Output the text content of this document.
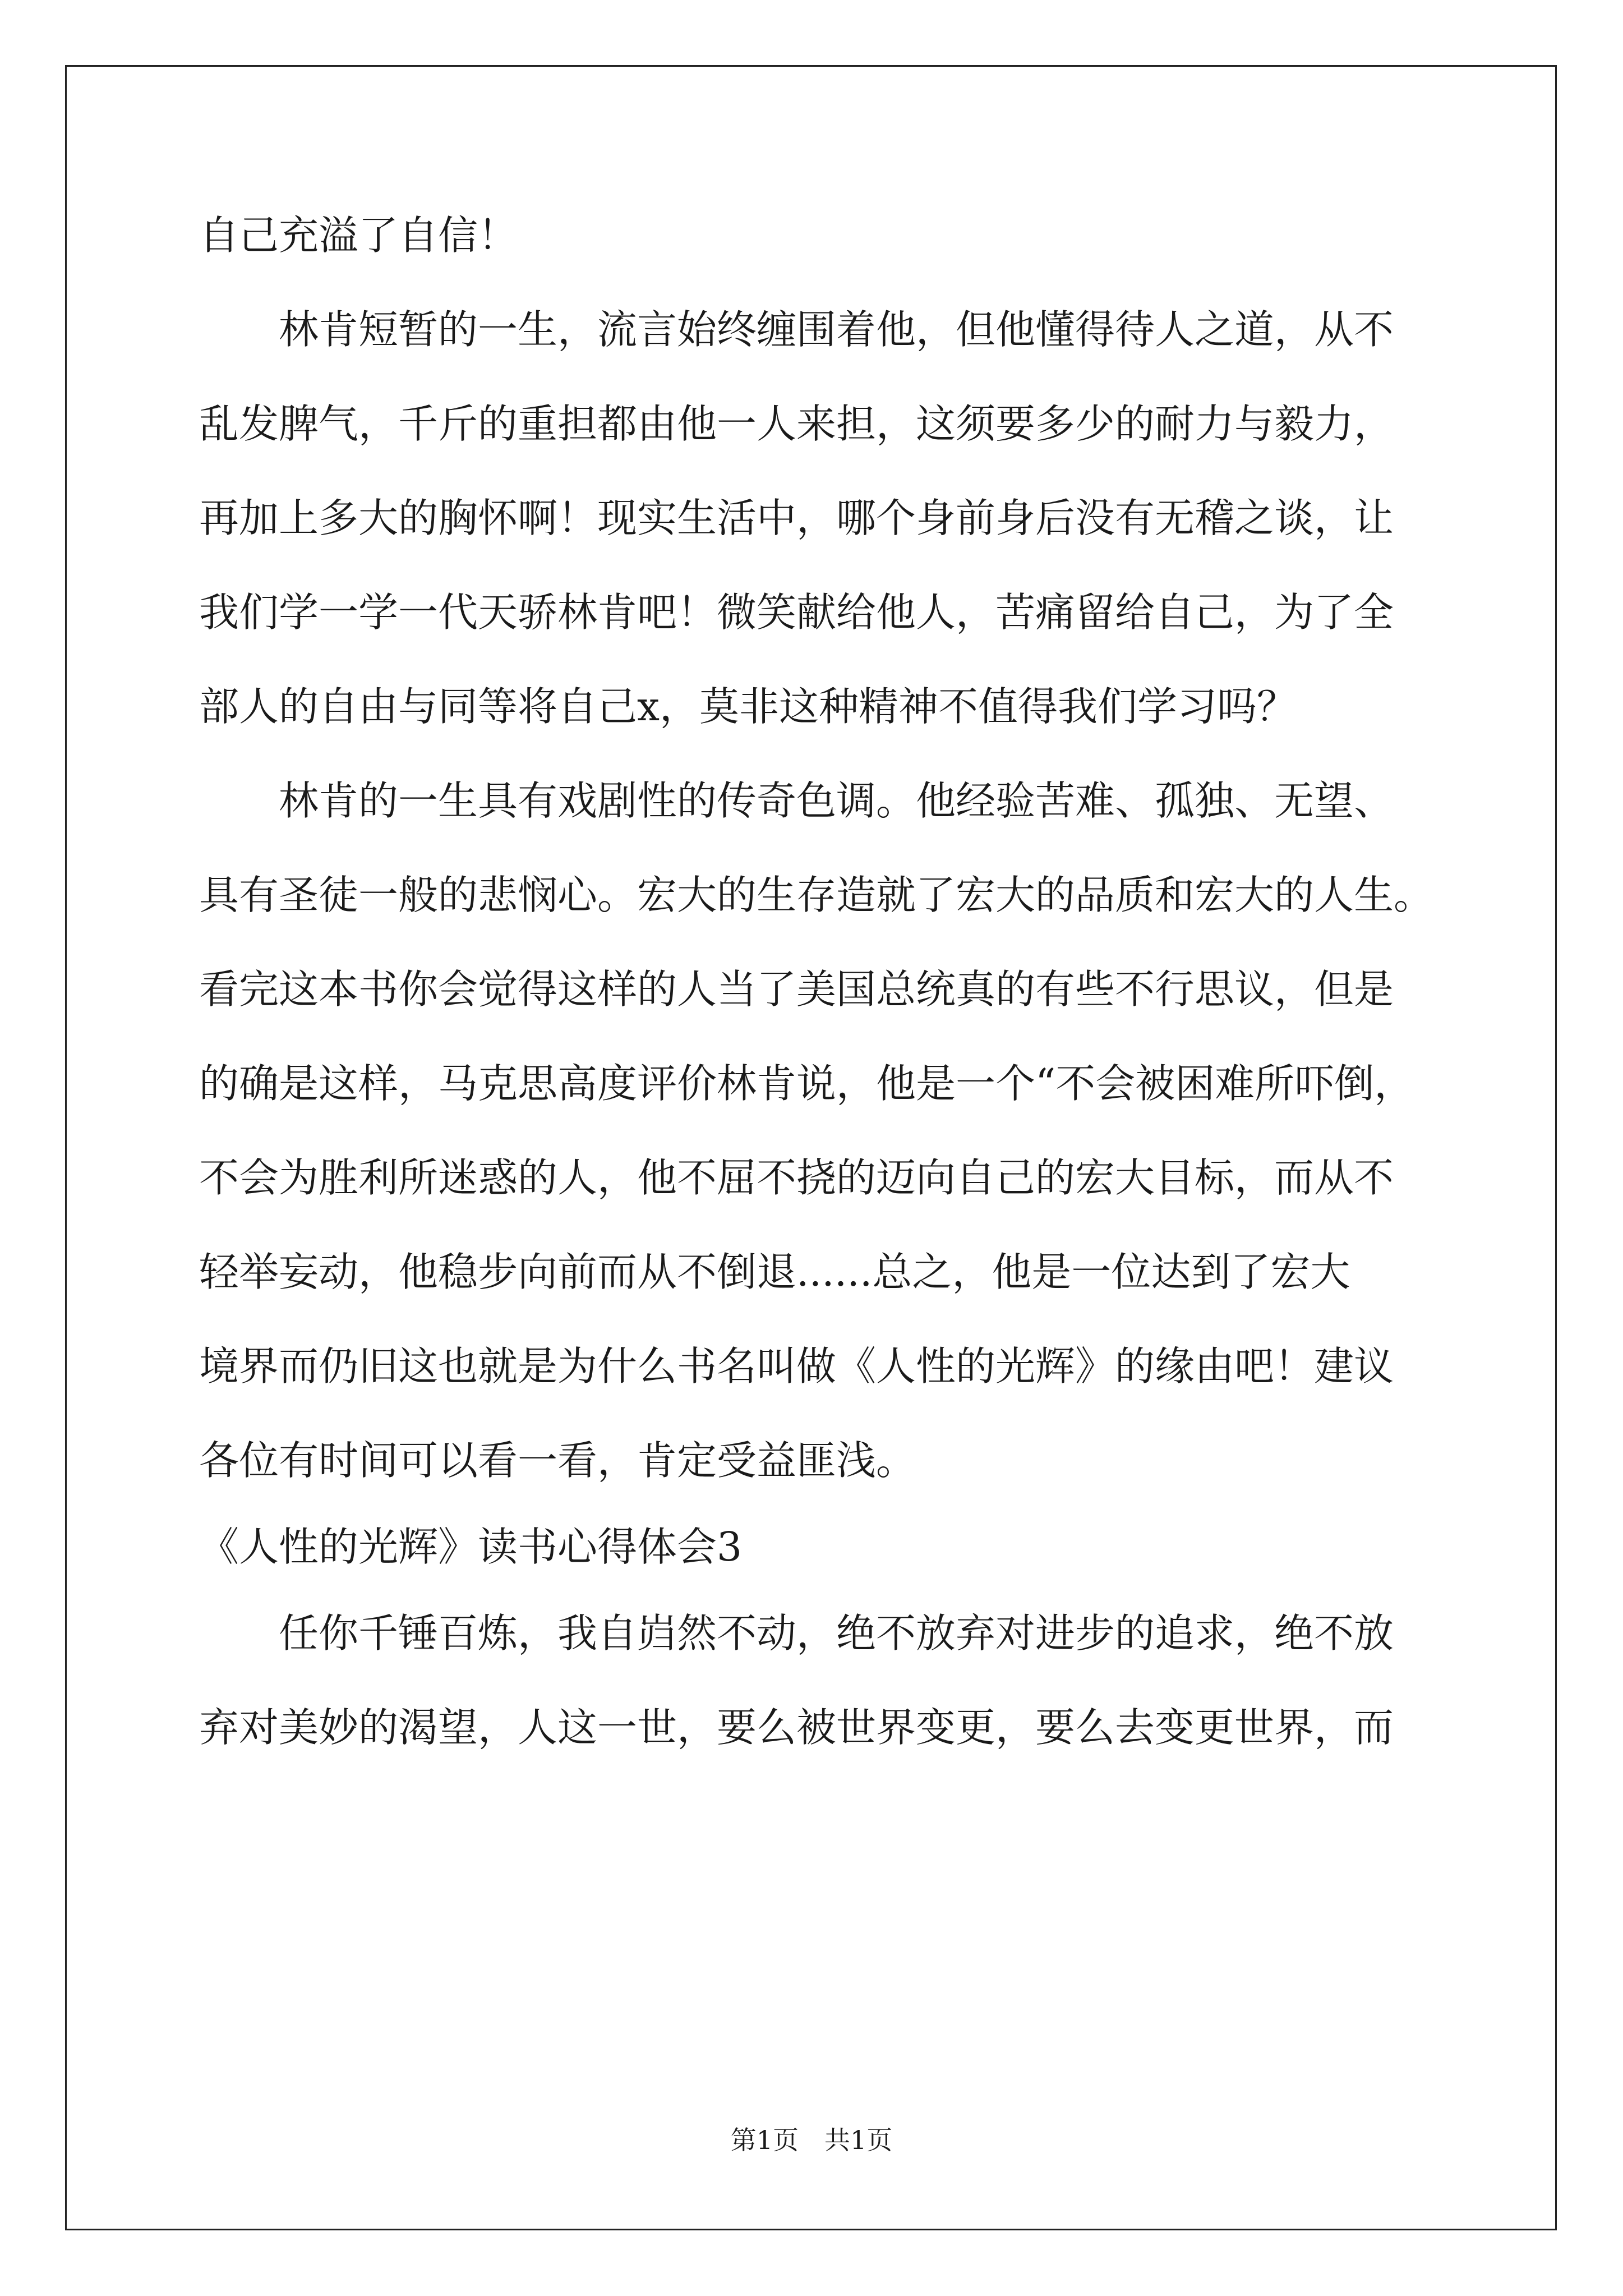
自己充溢了自信！
　　林肯短暂的一生，流言始终缠围着他，但他懂得待人之道，从不
乱发脾气，千斤的重担都由他一人来担，这须要多少的耐力与毅力，
再加上多大的胸怀啊！现实生活中，哪个身前身后没有无稽之谈，让
我们学一学一代天骄林肯吧！微笑献给他人，苦痛留给自己，为了全
部人的自由与同等将自己x，莫非这种精神不值得我们学习吗？
　　林肯的一生具有戏剧性的传奇色调。他经验苦难、孤独、无望、
具有圣徒一般的悲悯心。宏大的生存造就了宏大的品质和宏大的人生。
看完这本书你会觉得这样的人当了美国总统真的有些不行思议，但是
的确是这样，马克思高度评价林肯说，他是一个“不会被困难所吓倒，
不会为胜利所迷惑的人，他不屈不挠的迈向自己的宏大目标，而从不
轻举妄动，他稳步向前而从不倒退......总之，他是一位达到了宏大
境界而仍旧这也就是为什么书名叫做《人性的光辉》的缘由吧！建议
各位有时间可以看一看，肯定受益匪浅。
《人性的光辉》读书心得体会3
　　任你千锤百炼，我自岿然不动，绝不放弃对进步的追求，绝不放
弃对美妙的渴望，人这一世，要么被世界变更，要么去变更世界，而
第1页　共1页
